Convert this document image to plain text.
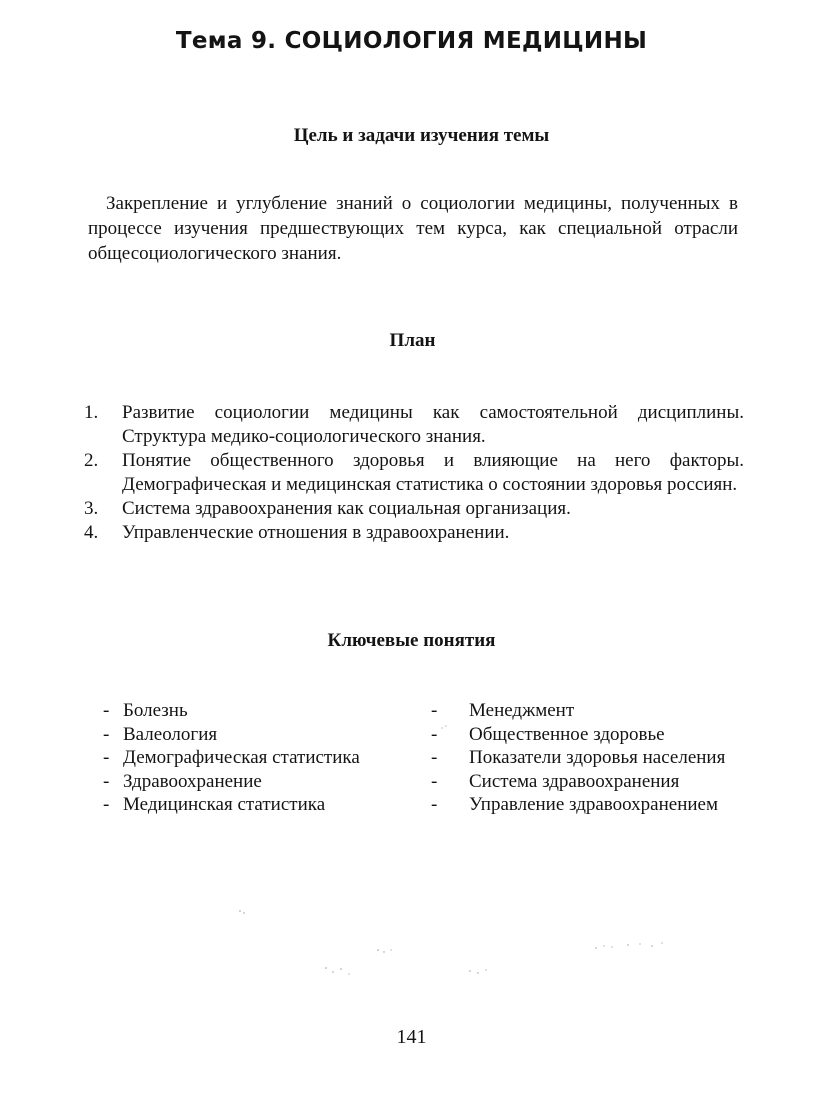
Тема 9. СОЦИОЛОГИЯ МЕДИЦИНЫ
Цель и задачи изучения темы

Закрепление и углубление знаний о социологии медицины, полученных в процессе изучения предшествующих тем курса, как специальной отрасли общесоциологического знания.

План
1. Развитие социологии медицины как самостоятельной дисциплины. Структура медико-социологического знания.
2. Понятие общественного здоровья и влияющие на него факторы. Демографическая и медицинская статистика о состоянии здоровья россиян.
3. Система здравоохранения как социальная организация.
4. Управленческие отношения в здравоохранении.
Ключевые понятия
- Болезнь
- Валеология
- Демографическая статистика
- Здравоохранение
- Медицинская статистика
-	Менеджмент
-	Общественное здоровье
-	Показатели здоровья населения
-	Система здравоохранения
-	Управление здравоохранением
141
